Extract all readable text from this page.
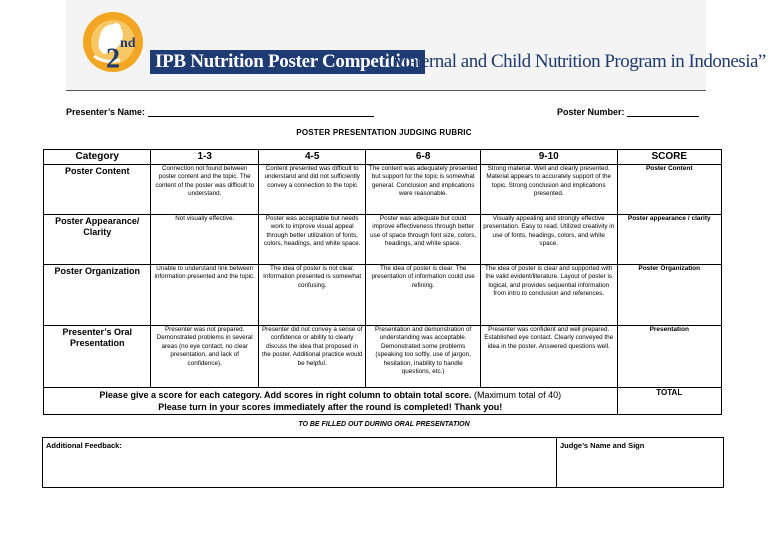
2nd
IPB Nutrition Poster Competition
“Maternal and Child Nutrition Program in Indonesia”
Presenter’s Name:	Poster Number:
POSTER PRESENTATION JUDGING RUBRIC
Category	1-3	4-5	6-8	9-10	SCORE
Poster Content	Connection not found between poster content and the topic. The content of the poster was difficult to understand.	Content presented was difficult to understand and did not sufficiently convey a connection to the topic	The content was adequately presented but support for the topic is somewhat general. Conclusion and implications were reasonable.	Strong material. Well and clearly presented. Material appears to accurately support of the topic. Strong conclusion and implications presented.	Poster Content
Poster Appearance/ Clarity	Not visually effective.	Poster was acceptable but needs work to improve visual appeal through better utilization of fonts, colors, headings, and white space.	Poster was adequate but could improve effectiveness through better use of space through font size, colors, headings, and white space.	Visually appealing and strongly effective presentation. Easy to read. Utilized creativity in use of fonts, headings, colors, and white space.	Poster appearance / clarity
Poster Organization	Unable to understand link between information presented and the topic.	The idea of poster is not clear. Information presented is somewhat confusing.	The idea of poster is clear. The presentation of information could use refining.	The idea of poster is clear and supported with the valid evident/literature. Layout of poster is logical, and provides sequential information from intro to conclusion and references.	Poster Organization
Presenter’s Oral Presentation	Presenter was not prepared. Demonstrated problems in several areas (no eye contact, no clear presentation, and lack of confidence).	Presenter did not convey a sense of confidence or ability to clearly discuss the idea that proposed in the poster. Additional practice would be helpful.	Presentation and demonstration of understanding was acceptable. Demonstrated some problems (speaking too softly, use of jargon, hesitation, inability to handle questions, etc.)	Presenter was confident and well prepared. Established eye contact. Clearly conveyed the idea in the poster. Answered questions well.	Presentation

Please give a score for each category. Add scores in right column to obtain total score. (Maximum total of 40)
Please turn in your scores immediately after the round is completed! Thank you!					TOTAL
TO BE FILLED OUT DURING ORAL PRESENTATION
Additional Feedback:	Judge’s Name and Sign
